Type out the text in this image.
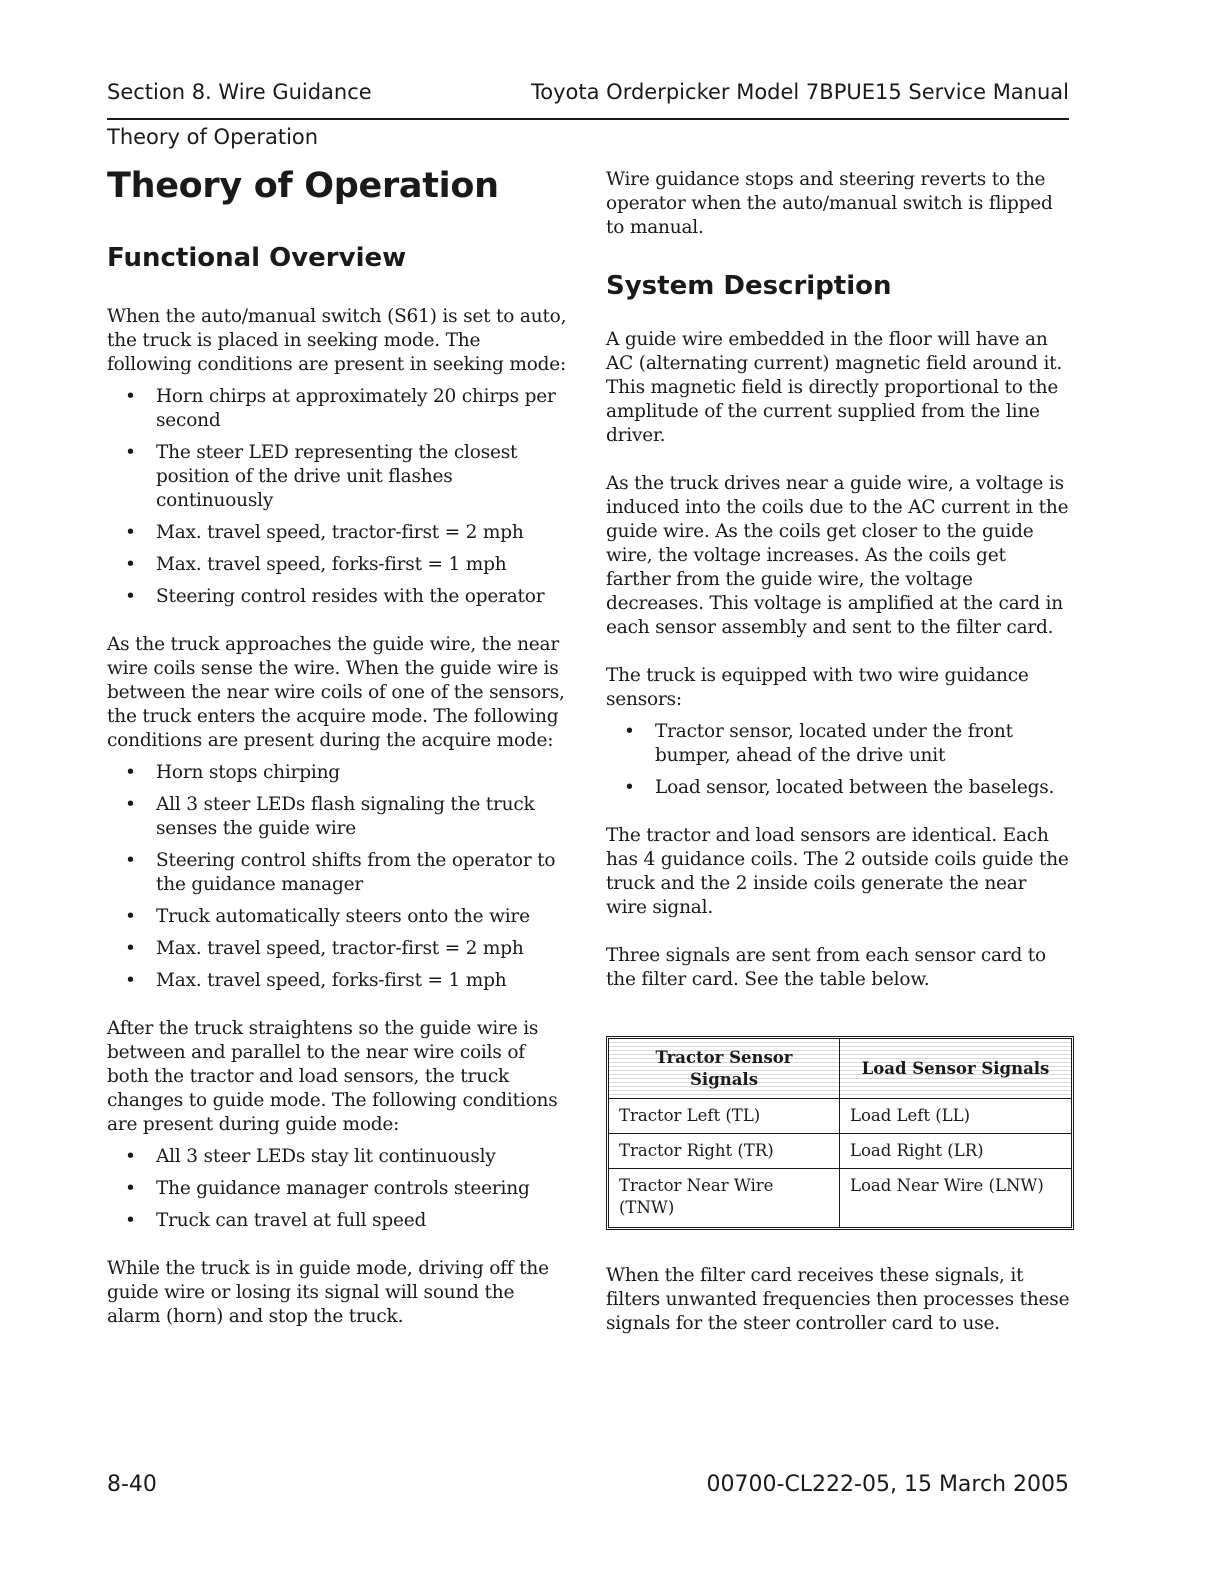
Section 8. Wire Guidance	Toyota Orderpicker Model 7BPUE15 Service Manual
Theory of Operation
Theory of Operation
Functional Overview

When the auto/manual switch (S61) is set to auto, the truck is placed in seeking mode. The following conditions are present in seeking mode:

• Horn chirps at approximately 20 chirps per second
• The steer LED representing the closest position of the drive unit flashes continuously
• Max. travel speed, tractor-first = 2 mph
• Max. travel speed, forks-first = 1 mph
• Steering control resides with the operator

As the truck approaches the guide wire, the near wire coils sense the wire. When the guide wire is between the near wire coils of one of the sensors, the truck enters the acquire mode. The following conditions are present during the acquire mode:

• Horn stops chirping
• All 3 steer LEDs flash signaling the truck senses the guide wire
• Steering control shifts from the operator to the guidance manager
• Truck automatically steers onto the wire
• Max. travel speed, tractor-first = 2 mph
• Max. travel speed, forks-first = 1 mph

After the truck straightens so the guide wire is between and parallel to the near wire coils of both the tractor and load sensors, the truck changes to guide mode. The following conditions are present during guide mode:

• All 3 steer LEDs stay lit continuously
• The guidance manager controls steering
• Truck can travel at full speed

While the truck is in guide mode, driving off the guide wire or losing its signal will sound the alarm (horn) and stop the truck.

Wire guidance stops and steering reverts to the operator when the auto/manual switch is flipped to manual.

System Description

A guide wire embedded in the floor will have an AC (alternating current) magnetic field around it. This magnetic field is directly proportional to the amplitude of the current supplied from the line driver.

As the truck drives near a guide wire, a voltage is induced into the coils due to the AC current in the guide wire. As the coils get closer to the guide wire, the voltage increases. As the coils get farther from the guide wire, the voltage decreases. This voltage is amplified at the card in each sensor assembly and sent to the filter card.

The truck is equipped with two wire guidance sensors:

• Tractor sensor, located under the front bumper, ahead of the drive unit
• Load sensor, located between the baselegs.

The tractor and load sensors are identical. Each has 4 guidance coils. The 2 outside coils guide the truck and the 2 inside coils generate the near wire signal.

Three signals are sent from each sensor card to the filter card. See the table below.

Tractor Sensor Signals	Load Sensor Signals
Tractor Left (TL)	Load Left (LL)
Tractor Right (TR)	Load Right (LR)
Tractor Near Wire (TNW)	Load Near Wire (LNW)

When the filter card receives these signals, it filters unwanted frequencies then processes these signals for the steer controller card to use.

8-40	00700-CL222-05, 15 March 2005
